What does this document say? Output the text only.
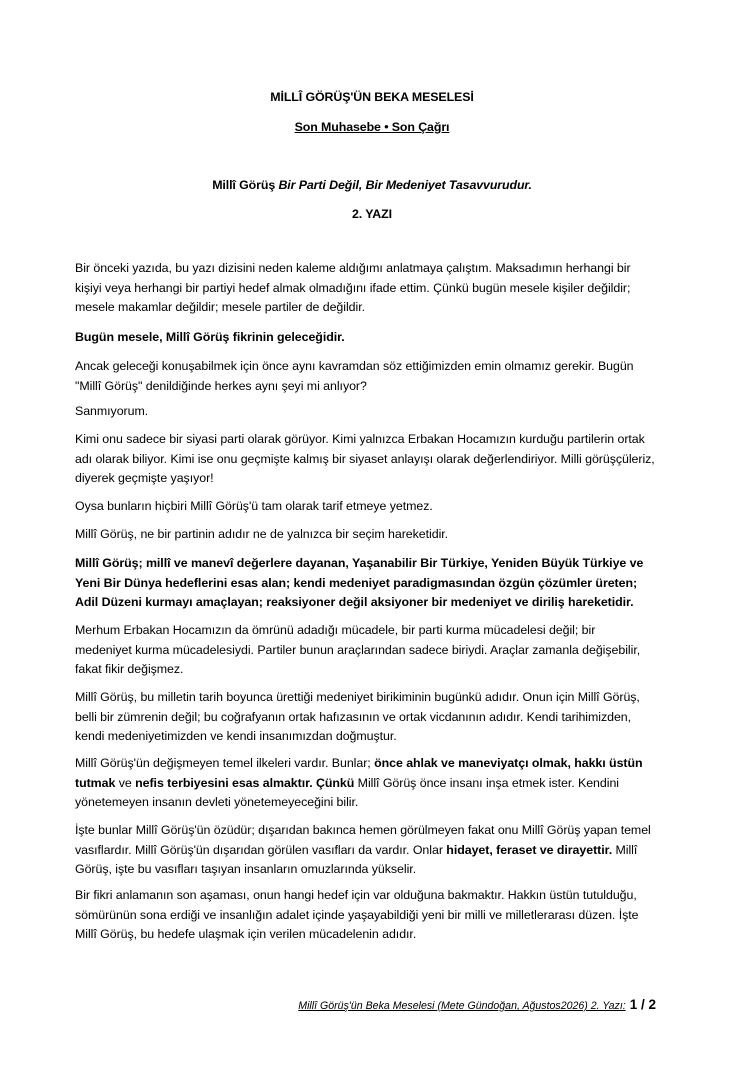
MİLLÎ GÖRÜŞ'ÜN BEKA MESELESİ
Son Muhasebe • Son Çağrı
Millî Görüş Bir Parti Değil, Bir Medeniyet Tasavvurudur.
2. YAZI

Bir önceki yazıda, bu yazı dizisini neden kaleme aldığımı anlatmaya çalıştım. Maksadımın herhangi bir kişiyi veya herhangi bir partiyi hedef almak olmadığını ifade ettim. Çünkü bugün mesele kişiler değildir; mesele makamlar değildir; mesele partiler de değildir.

Bugün mesele, Millî Görüş fikrinin geleceğidir.

Ancak geleceği konuşabilmek için önce aynı kavramdan söz ettiğimizden emin olmamız gerekir. Bugün "Millî Görüş" denildiğinde herkes aynı şeyi mi anlıyor?

Sanmıyorum.

Kimi onu sadece bir siyasi parti olarak görüyor. Kimi yalnızca Erbakan Hocamızın kurduğu partilerin ortak adı olarak biliyor. Kimi ise onu geçmişte kalmış bir siyaset anlayışı olarak değerlendiriyor. Milli görüşçüleriz, diyerek geçmişte yaşıyor!

Oysa bunların hiçbiri Millî Görüş'ü tam olarak tarif etmeye yetmez.

Millî Görüş, ne bir partinin adıdır ne de yalnızca bir seçim hareketidir.

Millî Görüş; millî ve manevî değerlere dayanan, Yaşanabilir Bir Türkiye, Yeniden Büyük Türkiye ve Yeni Bir Dünya hedeflerini esas alan; kendi medeniyet paradigmasından özgün çözümler üreten; Adil Düzeni kurmayı amaçlayan; reaksiyoner değil aksiyoner bir medeniyet ve diriliş hareketidir.

Merhum Erbakan Hocamızın da ömrünü adadığı mücadele, bir parti kurma mücadelesi değil; bir medeniyet kurma mücadelesiydi. Partiler bunun araçlarından sadece biriydi. Araçlar zamanla değişebilir, fakat fikir değişmez.

Millî Görüş, bu milletin tarih boyunca ürettiği medeniyet birikiminin bugünkü adıdır. Onun için Millî Görüş, belli bir zümrenin değil; bu coğrafyanın ortak hafızasının ve ortak vicdanının adıdır. Kendi tarihimizden, kendi medeniyetimizden ve kendi insanımızdan doğmuştur.

Millî Görüş'ün değişmeyen temel ilkeleri vardır. Bunlar; önce ahlak ve maneviyatçı olmak, hakkı üstün tutmak ve nefis terbiyesini esas almaktır. Çünkü Millî Görüş önce insanı inşa etmek ister. Kendini yönetemeyen insanın devleti yönetemeyeceğini bilir.

İşte bunlar Millî Görüş'ün özüdür; dışarıdan bakınca hemen görülmeyen fakat onu Millî Görüş yapan temel vasıflardır. Millî Görüş'ün dışarıdan görülen vasıfları da vardır. Onlar hidayet, feraset ve dirayettir. Millî Görüş, işte bu vasıfları taşıyan insanların omuzlarında yükselir.

Bir fikri anlamanın son aşaması, onun hangi hedef için var olduğuna bakmaktır. Hakkın üstün tutulduğu, sömürünün sona erdiği ve insanlığın adalet içinde yaşayabildiği yeni bir milli ve milletlerarası düzen. İşte Millî Görüş, bu hedefe ulaşmak için verilen mücadelenin adıdır.

Millî Görüş'ün Beka Meselesi (Mete Gündoğan, Ağustos2026) 2. Yazı: 1 / 2
